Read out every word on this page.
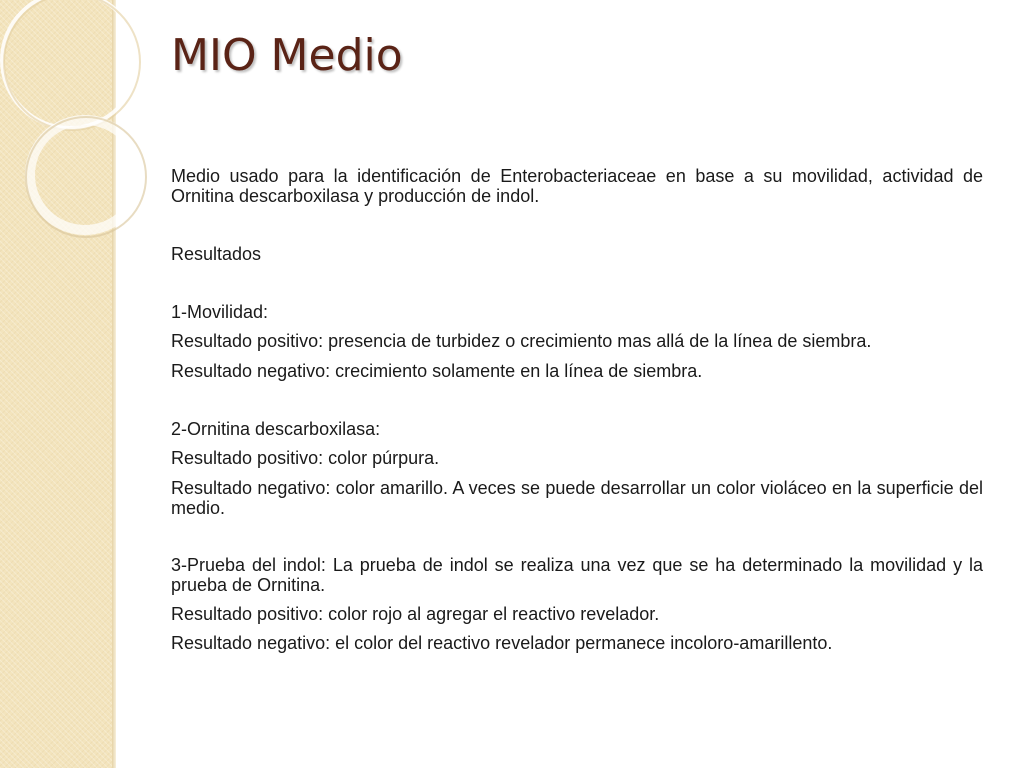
MIO Medio

Medio usado para la identificación de Enterobacteriaceae en base a su movilidad, actividad de Ornitina descarboxilasa y producción de indol.

Resultados

1-Movilidad:

Resultado positivo: presencia de turbidez o crecimiento mas allá de la línea de siembra.

Resultado negativo: crecimiento solamente en la línea de siembra.

2-Ornitina descarboxilasa:

Resultado positivo: color púrpura.

Resultado negativo: color amarillo. A veces se puede desarrollar un color violáceo en la superficie del medio.

3-Prueba del indol: La prueba de indol se realiza una vez que se ha determinado la movilidad y la prueba de Ornitina.

Resultado positivo: color rojo al agregar el reactivo revelador.

Resultado negativo: el color del reactivo revelador permanece incoloro-amarillento.
